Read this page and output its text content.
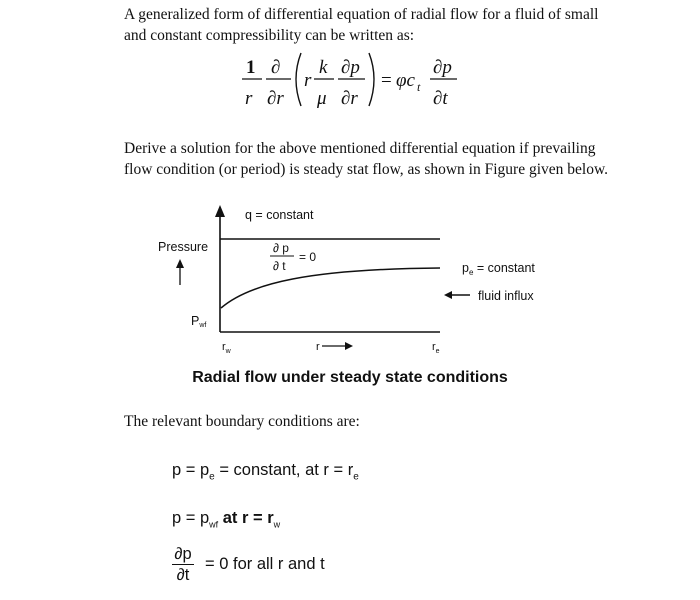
A generalized form of differential equation of radial flow for a fluid of small and constant compressibility can be written as:
1
r
∂
∂r
r
k
μ
∂p
∂r
= φc t
∂p
∂t
Derive a solution for the above mentioned differential equation if prevailing flow condition (or period) is steady stat flow, as shown in Figure given below.
q = constant
Pressure	∂ p
∂ t
= 0
$p_e$ = constant
fluid influx
Pwf
$r_w$	r	$r_e$
Radial flow under steady state conditions
The relevant boundary conditions are:
$p = p_e$ = constant, at $r = r_e$
$p = p_{wf}$ at $r = r_w$
∂p
∂t
= 0 for all r and t
